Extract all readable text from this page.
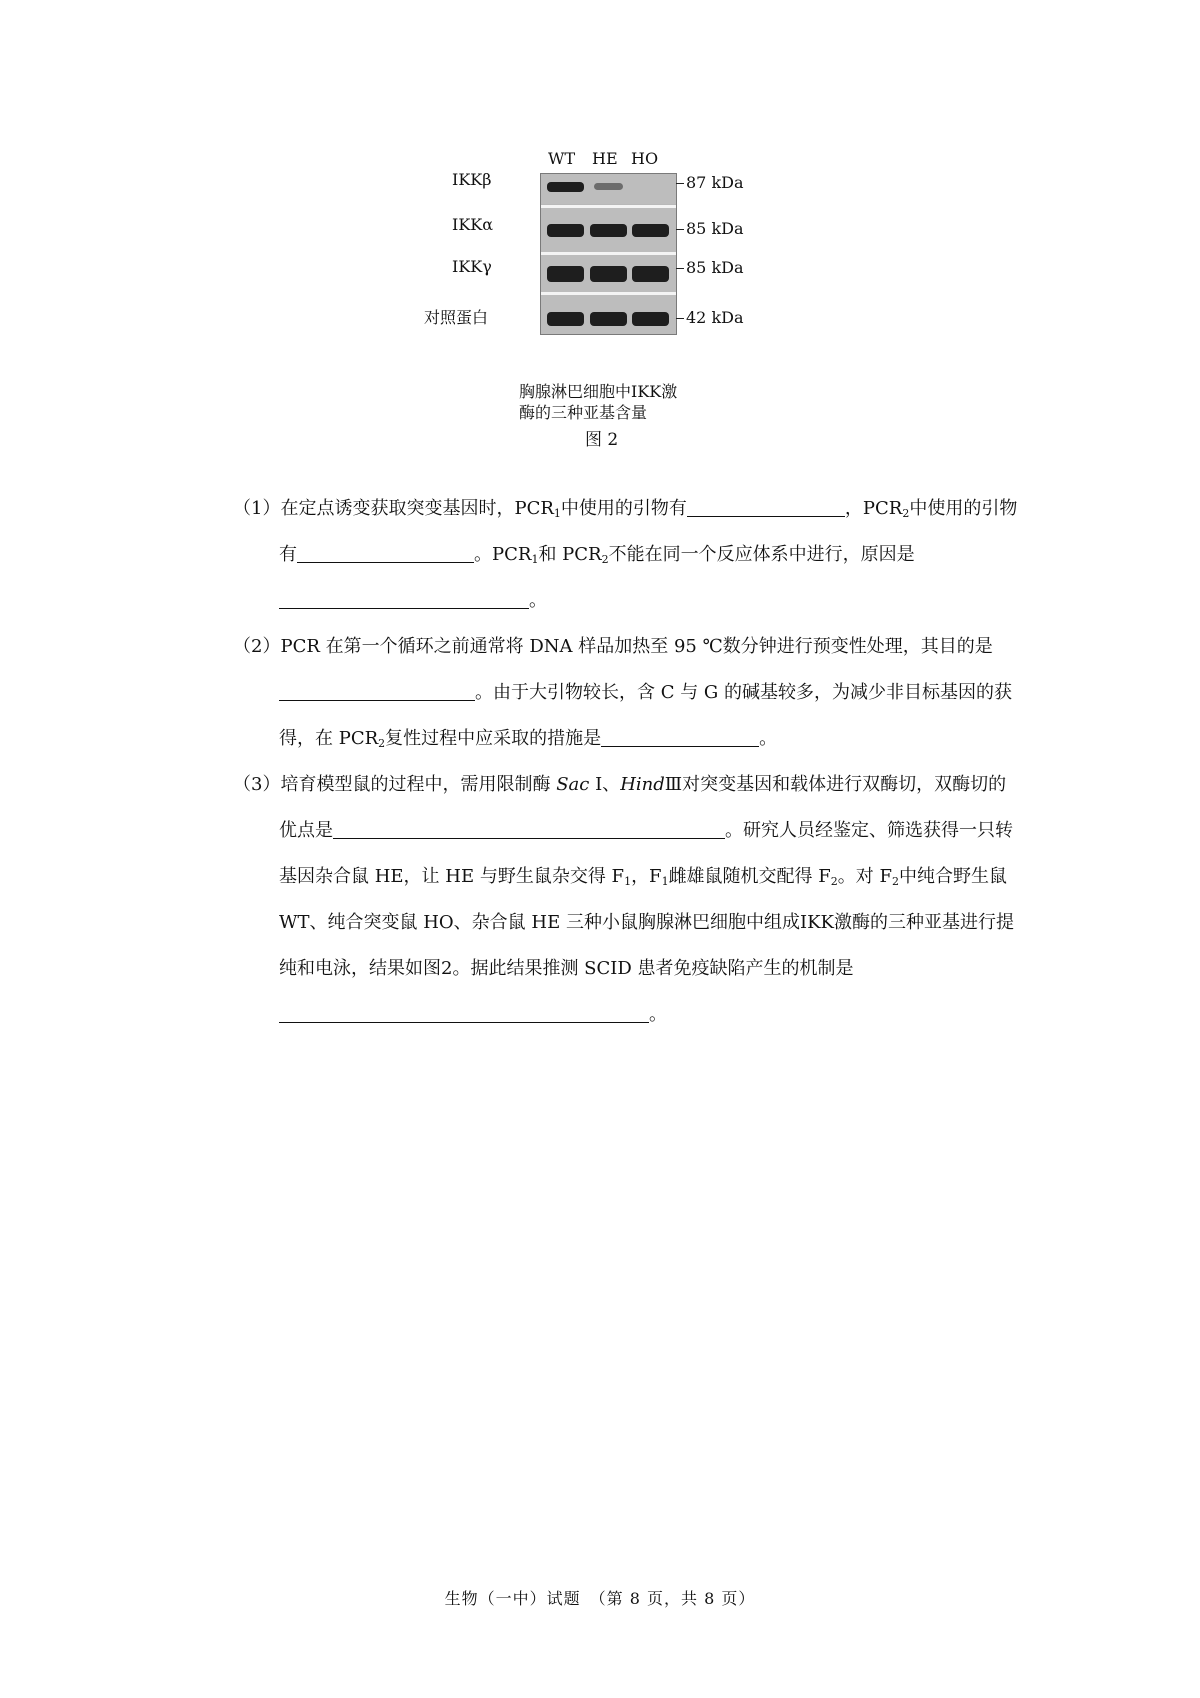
WT HE HO
IKKβ
IKKα
IKKγ
对照蛋白
87 kDa
85 kDa
85 kDa
42 kDa
胸腺淋巴细胞中IKK激
酶的三种亚基含量
图 2

（1）在定点诱变获取突变基因时，$PCR_1$中使用的引物有	，$PCR_2$中使用的引物有	。$PCR_1$和 $PCR_2$不能在同一个反应体系中进行，原因是。

（2）PCR 在第一个循环之前通常将 DNA 样品加热至 95 ℃数分钟进行预变性处理，其目的是。由于大引物较长，含 C 与 G 的碱基较多，为减少非目标基因的获得，在 $PCR_2$复性过程中应采取的措施是	。

（3）培育模型鼠的过程中，需用限制酶 Sac Ⅰ、HindⅢ对突变基因和载体进行双酶切，双酶切的优点是	。研究人员经鉴定、筛选获得一只转基因杂合鼠 HE，让 HE 与野生鼠杂交得 $F_1$，$F_1$雌雄鼠随机交配得 $F_2$。对 $F_2$中纯合野生鼠 WT、纯合突变鼠 HO、杂合鼠 HE 三种小鼠胸腺淋巴细胞中组成IKK激酶的三种亚基进行提纯和电泳，结果如图2。据此结果推测 SCID 患者免疫缺陷产生的机制是。

生物（一中）试题　（第 8 页，共 8 页）
